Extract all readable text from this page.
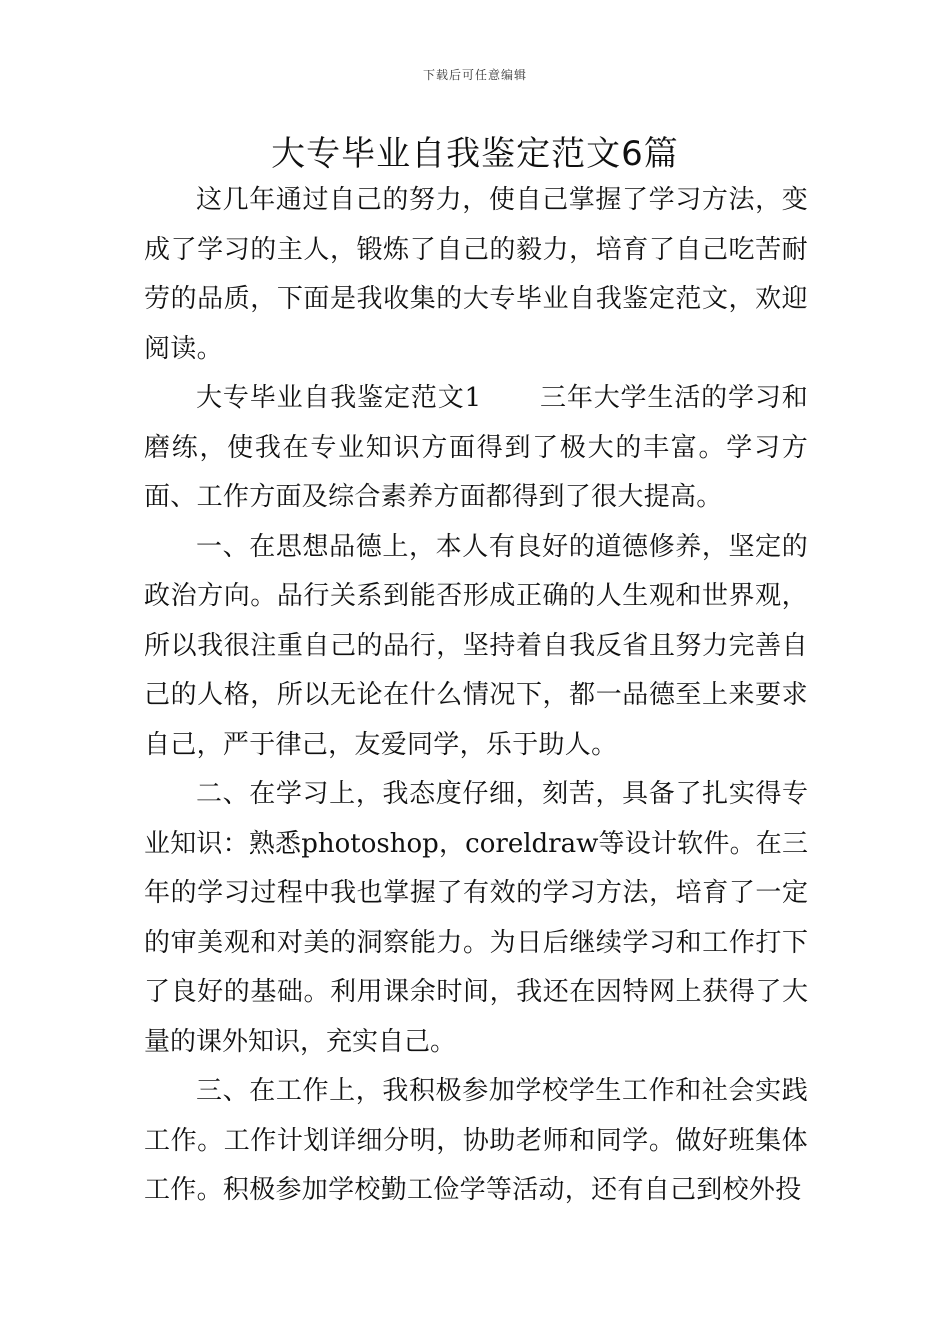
下载后可任意编辑
大专毕业自我鉴定范文6篇

这几年通过自己的努力，使自己掌握了学习方法，变成了学习的主人，锻炼了自己的毅力，培育了自己吃苦耐劳的品质，下面是我收集的大专毕业自我鉴定范文，欢迎阅读。

大专毕业自我鉴定范文1 三年大学生活的学习和磨练，使我在专业知识方面得到了极大的丰富。学习方面、工作方面及综合素养方面都得到了很大提高。

一、在思想品德上，本人有良好的道德修养，坚定的政治方向。品行关系到能否形成正确的人生观和世界观，所以我很注重自己的品行，坚持着自我反省且努力完善自己的人格，所以无论在什么情况下，都一品德至上来要求自己，严于律己，友爱同学，乐于助人。

二、在学习上，我态度仔细，刻苦，具备了扎实得专业知识：熟悉photoshop，coreldraw等设计软件。在三年的学习过程中我也掌握了有效的学习方法，培育了一定的审美观和对美的洞察能力。为日后继续学习和工作打下了良好的基础。利用课余时间，我还在因特网上获得了大量的课外知识，充实自己。

三、在工作上，我积极参加学校学生工作和社会实践工作。工作计划详细分明，协助老师和同学。做好班集体工作。积极参加学校勤工俭学等活动，还有自己到校外投
